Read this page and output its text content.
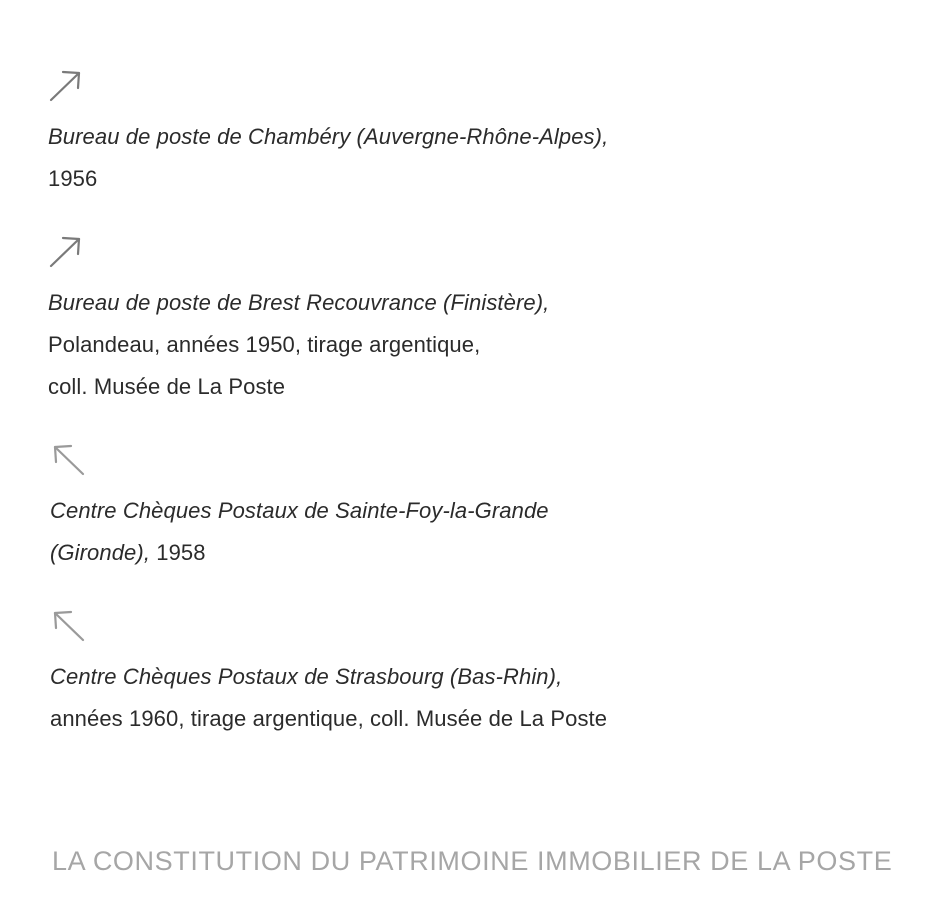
Bureau de poste de Chambéry (Auvergne-Rhône-Alpes),
1956
Bureau de poste de Brest Recouvrance (Finistère),
Polandeau, années 1950, tirage argentique,
coll. Musée de La Poste
Centre Chèques Postaux de Sainte-Foy-la-Grande
(Gironde), 1958
Centre Chèques Postaux de Strasbourg (Bas-Rhin),
années 1960, tirage argentique, coll. Musée de La Poste
LA CONSTITUTION DU PATRIMOINE IMMOBILIER DE LA POSTE
